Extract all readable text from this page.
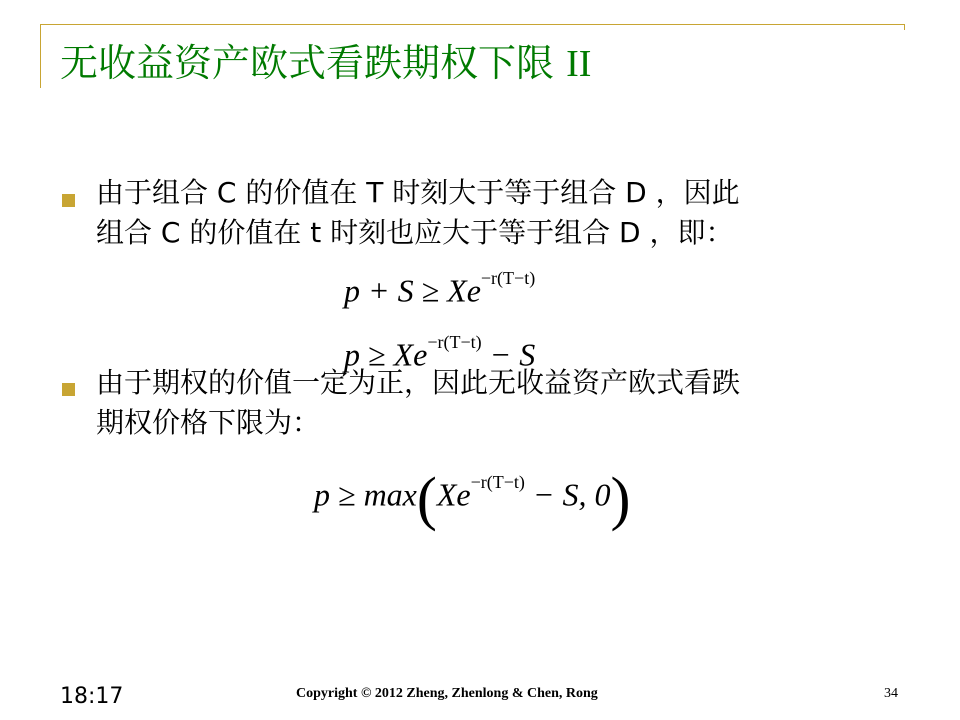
无收益资产欧式看跌期权下限 II

由于组合 C 的价值在 T 时刻大于等于组合 D ，因此
组合 C 的价值在 t 时刻也应大于等于组合 D ，即：

$p + S \ge Xe^{-r(T-t)}$
$p \ge Xe^{-r(T-t)} - S$

由于期权的价值一定为正，因此无收益资产欧式看跌
期权价格下限为：

$p \ge \max(Xe^{-r(T-t)} - S$, 0)
18:17	Copyright © 2012 Zheng, Zhenlong & Chen, Rong	34
